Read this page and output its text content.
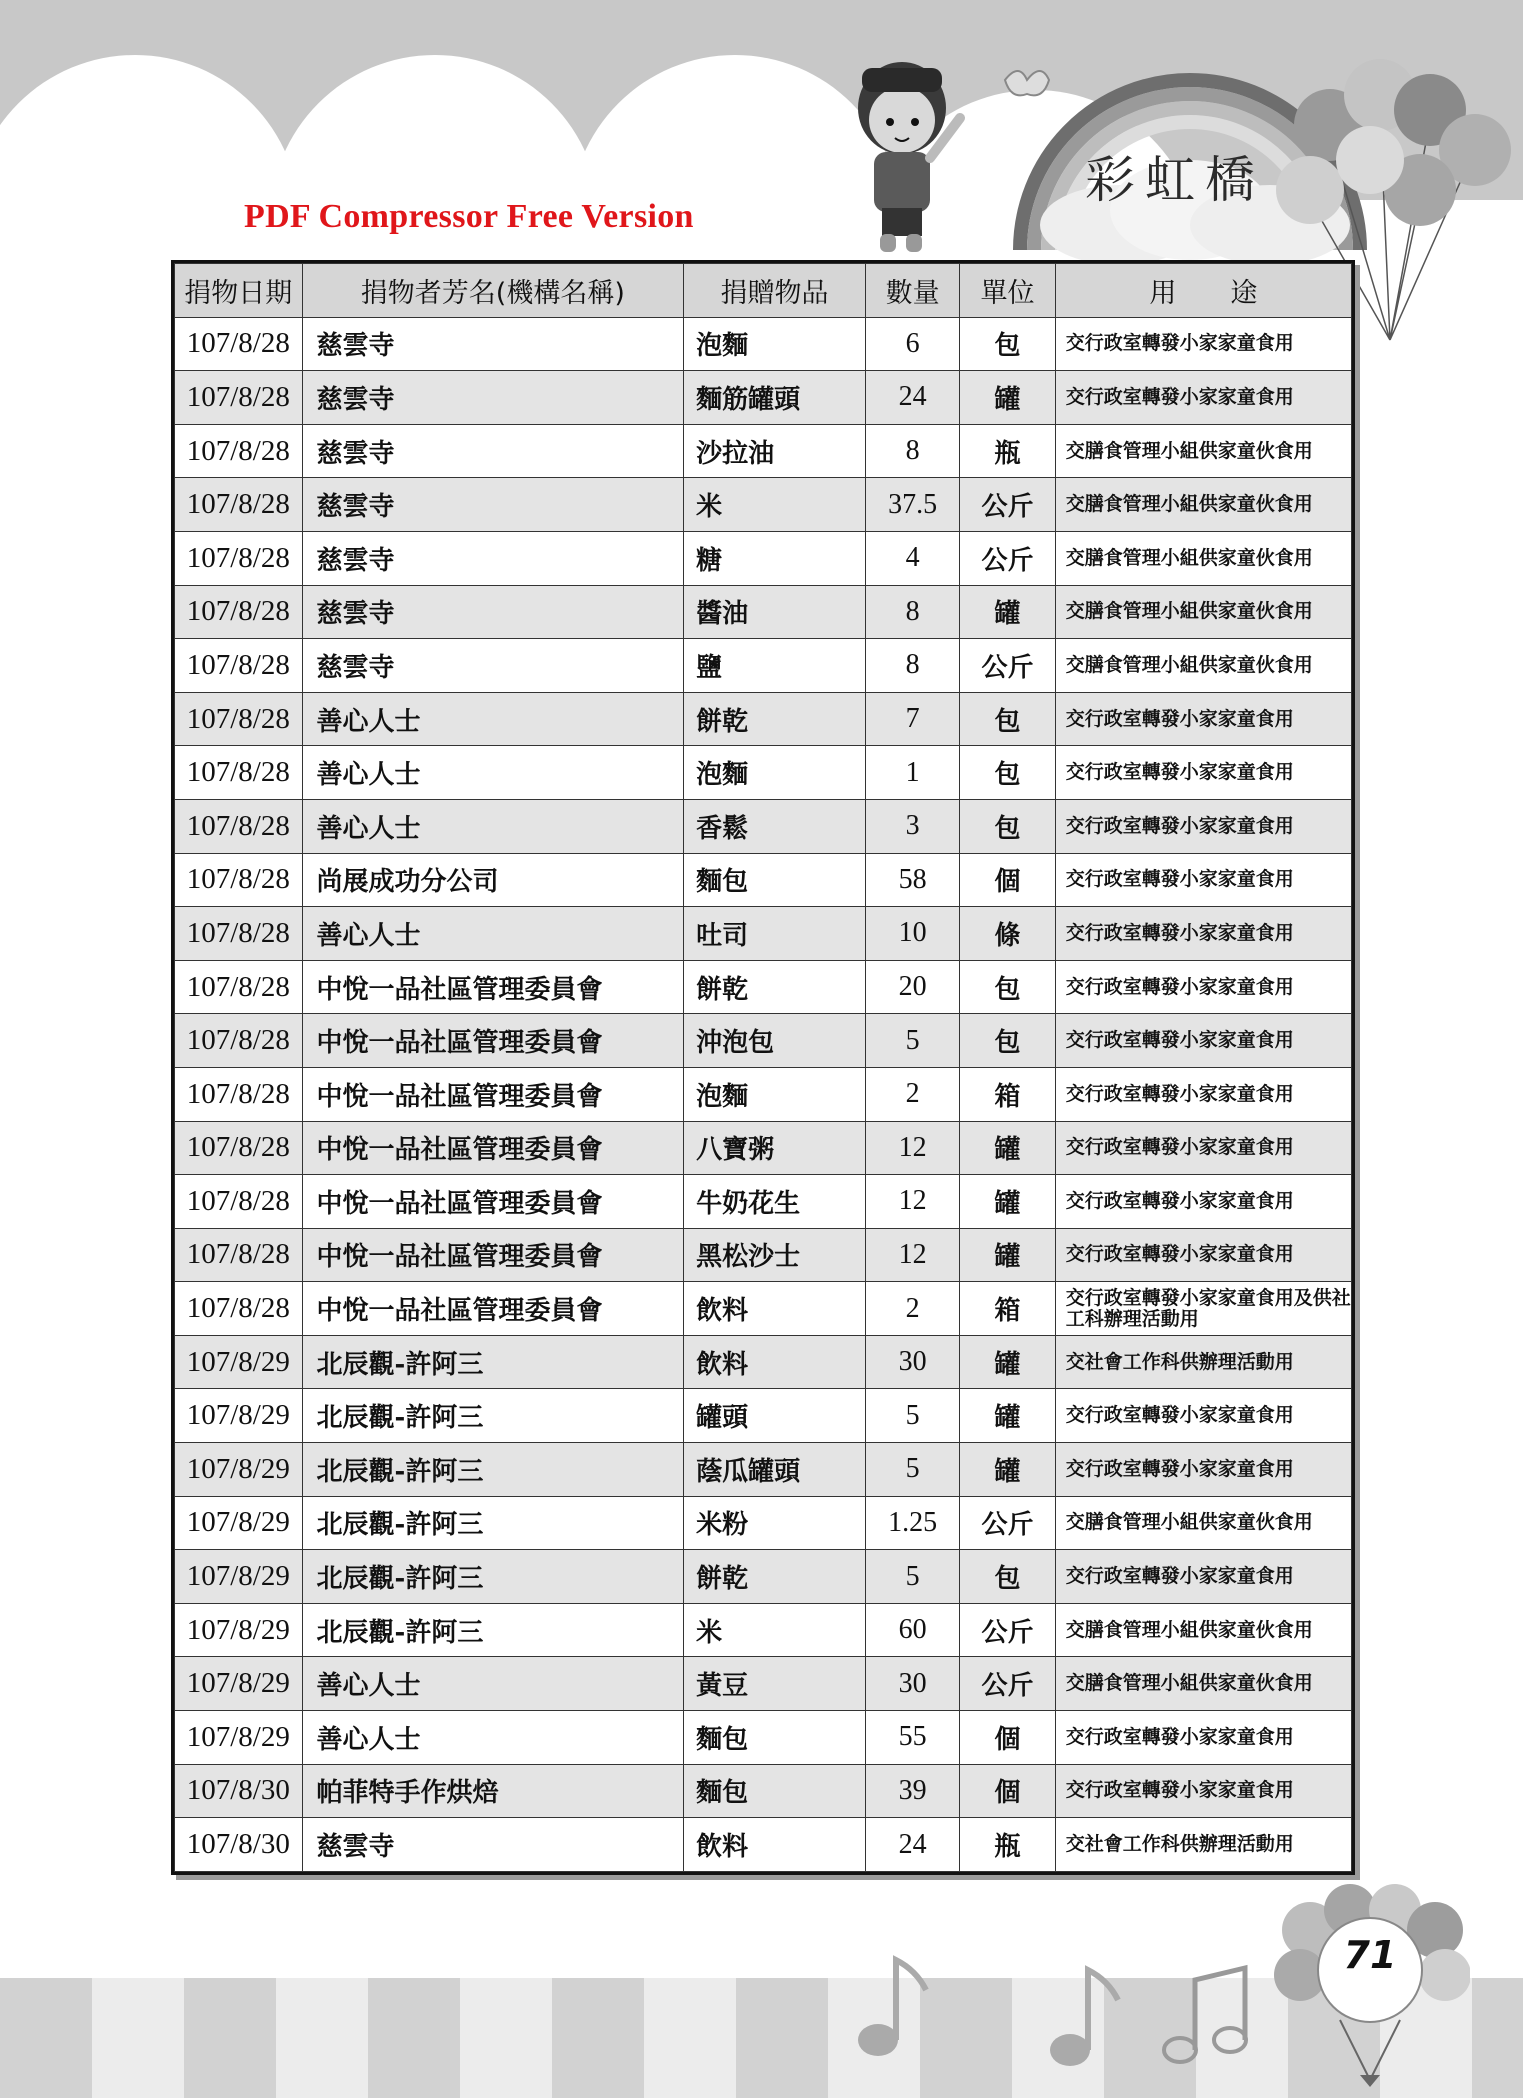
PDF Compressor Free Version
彩虹橋
捐物日期	捐物者芳名(機構名稱)	捐贈物品	數量	單位	用　　途
107/8/28	慈雲寺	泡麵	6	包	交行政室轉發小家家童食用
107/8/28	慈雲寺	麵筋罐頭	24	罐	交行政室轉發小家家童食用
107/8/28	慈雲寺	沙拉油	8	瓶	交膳食管理小組供家童伙食用
107/8/28	慈雲寺	米	37.5	公斤	交膳食管理小組供家童伙食用
107/8/28	慈雲寺	糖	4	公斤	交膳食管理小組供家童伙食用
107/8/28	慈雲寺	醬油	8	罐	交膳食管理小組供家童伙食用
107/8/28	慈雲寺	鹽	8	公斤	交膳食管理小組供家童伙食用
107/8/28	善心人士	餅乾	7	包	交行政室轉發小家家童食用
107/8/28	善心人士	泡麵	1	包	交行政室轉發小家家童食用
107/8/28	善心人士	香鬆	3	包	交行政室轉發小家家童食用
107/8/28	尚展成功分公司	麵包	58	個	交行政室轉發小家家童食用
107/8/28	善心人士	吐司	10	條	交行政室轉發小家家童食用
107/8/28	中悅一品社區管理委員會	餅乾	20	包	交行政室轉發小家家童食用
107/8/28	中悅一品社區管理委員會	沖泡包	5	包	交行政室轉發小家家童食用
107/8/28	中悅一品社區管理委員會	泡麵	2	箱	交行政室轉發小家家童食用
107/8/28	中悅一品社區管理委員會	八寶粥	12	罐	交行政室轉發小家家童食用
107/8/28	中悅一品社區管理委員會	牛奶花生	12	罐	交行政室轉發小家家童食用
107/8/28	中悅一品社區管理委員會	黑松沙士	12	罐	交行政室轉發小家家童食用
107/8/28	中悅一品社區管理委員會	飲料	2	箱	交行政室轉發小家家童食用及供社工科辦理活動用
107/8/29	北辰觀-許阿三	飲料	30	罐	交社會工作科供辦理活動用
107/8/29	北辰觀-許阿三	罐頭	5	罐	交行政室轉發小家家童食用
107/8/29	北辰觀-許阿三	蔭瓜罐頭	5	罐	交行政室轉發小家家童食用
107/8/29	北辰觀-許阿三	米粉	1.25	公斤	交膳食管理小組供家童伙食用
107/8/29	北辰觀-許阿三	餅乾	5	包	交行政室轉發小家家童食用
107/8/29	北辰觀-許阿三	米	60	公斤	交膳食管理小組供家童伙食用
107/8/29	善心人士	黃豆	30	公斤	交膳食管理小組供家童伙食用
107/8/29	善心人士	麵包	55	個	交行政室轉發小家家童食用
107/8/30	帕菲特手作烘焙	麵包	39	個	交行政室轉發小家家童食用
107/8/30	慈雲寺	飲料	24	瓶	交社會工作科供辦理活動用
71
